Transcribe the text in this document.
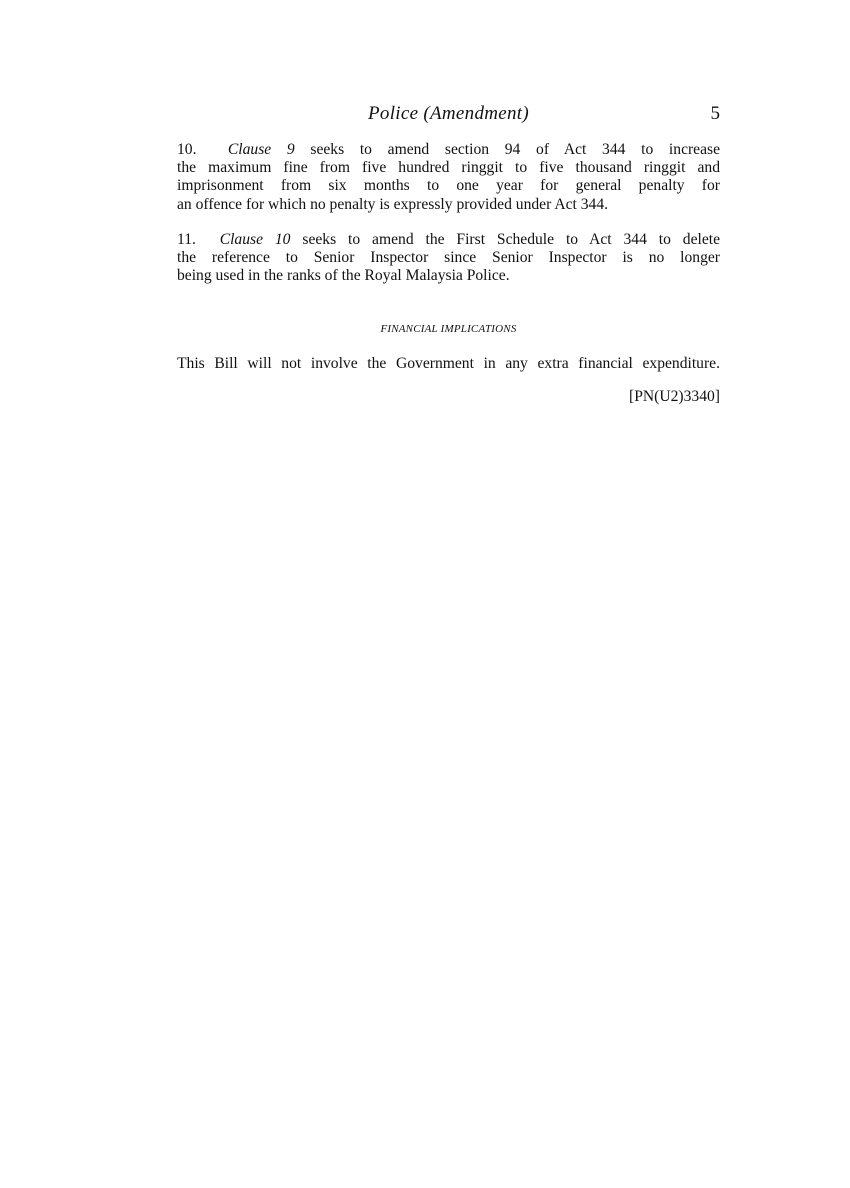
Police (Amendment)	5
10. Clause 9 seeks to amend section 94 of Act 344 to increase
the maximum fine from five hundred ringgit to five thousand ringgit and
imprisonment from six months to one year for general penalty for
an offence for which no penalty is expressly provided under Act 344.
11. Clause 10 seeks to amend the First Schedule to Act 344 to delete
the reference to Senior Inspector since Senior Inspector is no longer
being used in the ranks of the Royal Malaysia Police.
FINANCIAL IMPLICATIONS
This Bill will not involve the Government in any extra financial expenditure.
[PN(U2)3340]
